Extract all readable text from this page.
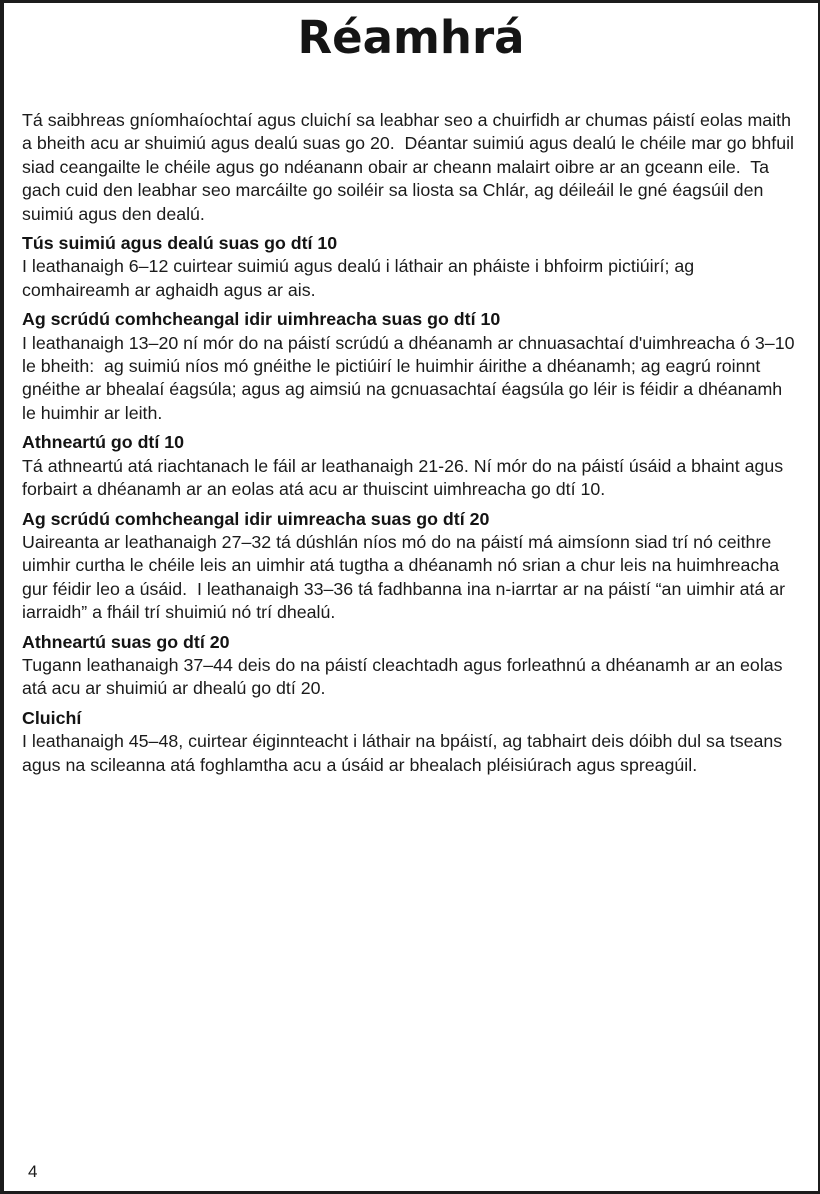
Réamhrá

Tá saibhreas gníomhaíochtaí agus cluichí sa leabhar seo a chuirfidh ar chumas páistí eolas maith a bheith acu ar shuimiú agus dealú suas go 20.  Déantar suimiú agus dealú le chéile mar go bhfuil siad ceangailte le chéile agus go ndéanann obair ar cheann malairt oibre ar an gceann eile.  Ta gach cuid den leabhar seo marcáilte go soiléir sa liosta sa Chlár, ag déileáil le gné éagsúil den suimiú agus den dealú.

Tús suimiú agus dealú suas go dtí 10

I leathanaigh 6–12 cuirtear suimiú agus dealú i láthair an pháiste i bhfoirm pictiúirí; ag comhaireamh ar aghaidh agus ar ais.

Ag scrúdú comhcheangal idir uimhreacha suas go dtí 10

I leathanaigh 13–20 ní mór do na páistí scrúdú a dhéanamh ar chnuasachtaí d'uimhreacha ó 3–10 le bheith:  ag suimiú níos mó gnéithe le pictiúirí le huimhir áirithe a dhéanamh; ag eagrú roinnt gnéithe ar bhealaí éagsúla; agus ag aimsiú na gcnuasachtaí éagsúla go léir is féidir a dhéanamh le huimhir ar leith.

Athneartú go dtí 10

Tá athneartú atá riachtanach le fáil ar leathanaigh 21-26. Ní mór do na páistí úsáid a bhaint agus forbairt a dhéanamh ar an eolas atá acu ar thuiscint uimhreacha go dtí 10.

Ag scrúdú comhcheangal idir uimreacha suas go dtí 20

Uaireanta ar leathanaigh 27–32 tá dúshlán níos mó do na páistí má aimsíonn siad trí nó ceithre uimhir curtha le chéile leis an uimhir atá tugtha a dhéanamh nó srian a chur leis na huimhreacha gur féidir leo a úsáid.  I leathanaigh 33–36 tá fadhbanna ina n-iarrtar ar na páistí “an uimhir atá ar iarraidh” a fháil trí shuimiú nó trí dhealú.

Athneartú suas go dtí 20

Tugann leathanaigh 37–44 deis do na páistí cleachtadh agus forleathnú a dhéanamh ar an eolas atá acu ar shuimiú ar dhealú go dtí 20.

Cluichí

I leathanaigh 45–48, cuirtear éiginnteacht i láthair na bpáistí, ag tabhairt deis dóibh dul sa tseans agus na scileanna atá foghlamtha acu a úsáid ar bhealach pléisiúrach agus spreagúil.

4
